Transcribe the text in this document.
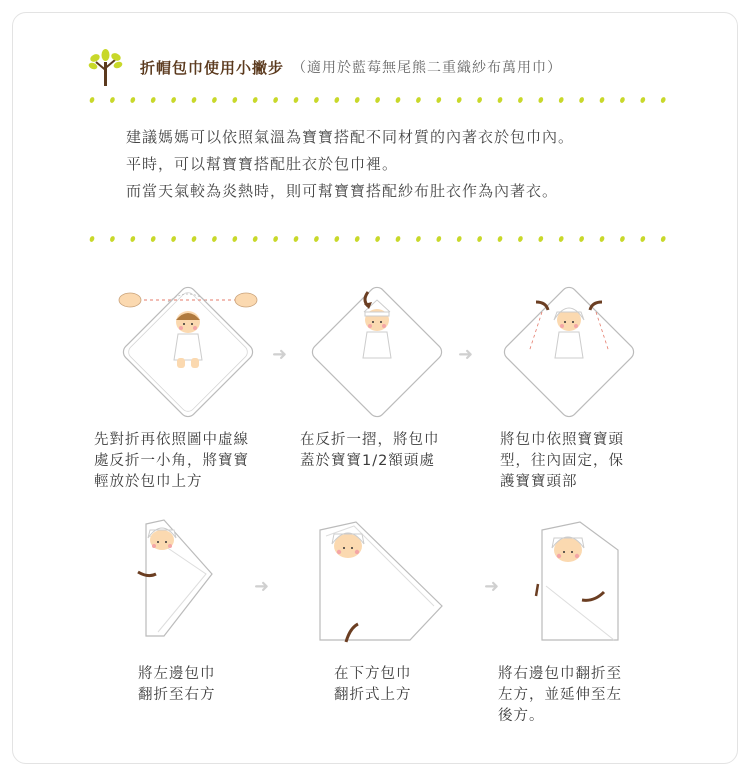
折帽包巾使用小撇步 （適用於藍莓無尾熊二重織紗布萬用巾）

建議媽媽可以依照氣溫為寶寶搭配不同材質的內著衣於包巾內。

平時，可以幫寶寶搭配肚衣於包巾裡。

而當天氣較為炎熱時，則可幫寶寶搭配紗布肚衣作為內著衣。

➜	➜
先對折再依照圖中虛線
處反折一小角，將寶寶
輕放於包巾上方
在反折一摺，將包巾
蓋於寶寶1/2額頭處
將包巾依照寶寶頭
型，往內固定，保
護寶寶頭部
➜	➜
將左邊包巾
翻折至右方
在下方包巾
翻折式上方
將右邊包巾翻折至
左方，並延伸至左
後方。
